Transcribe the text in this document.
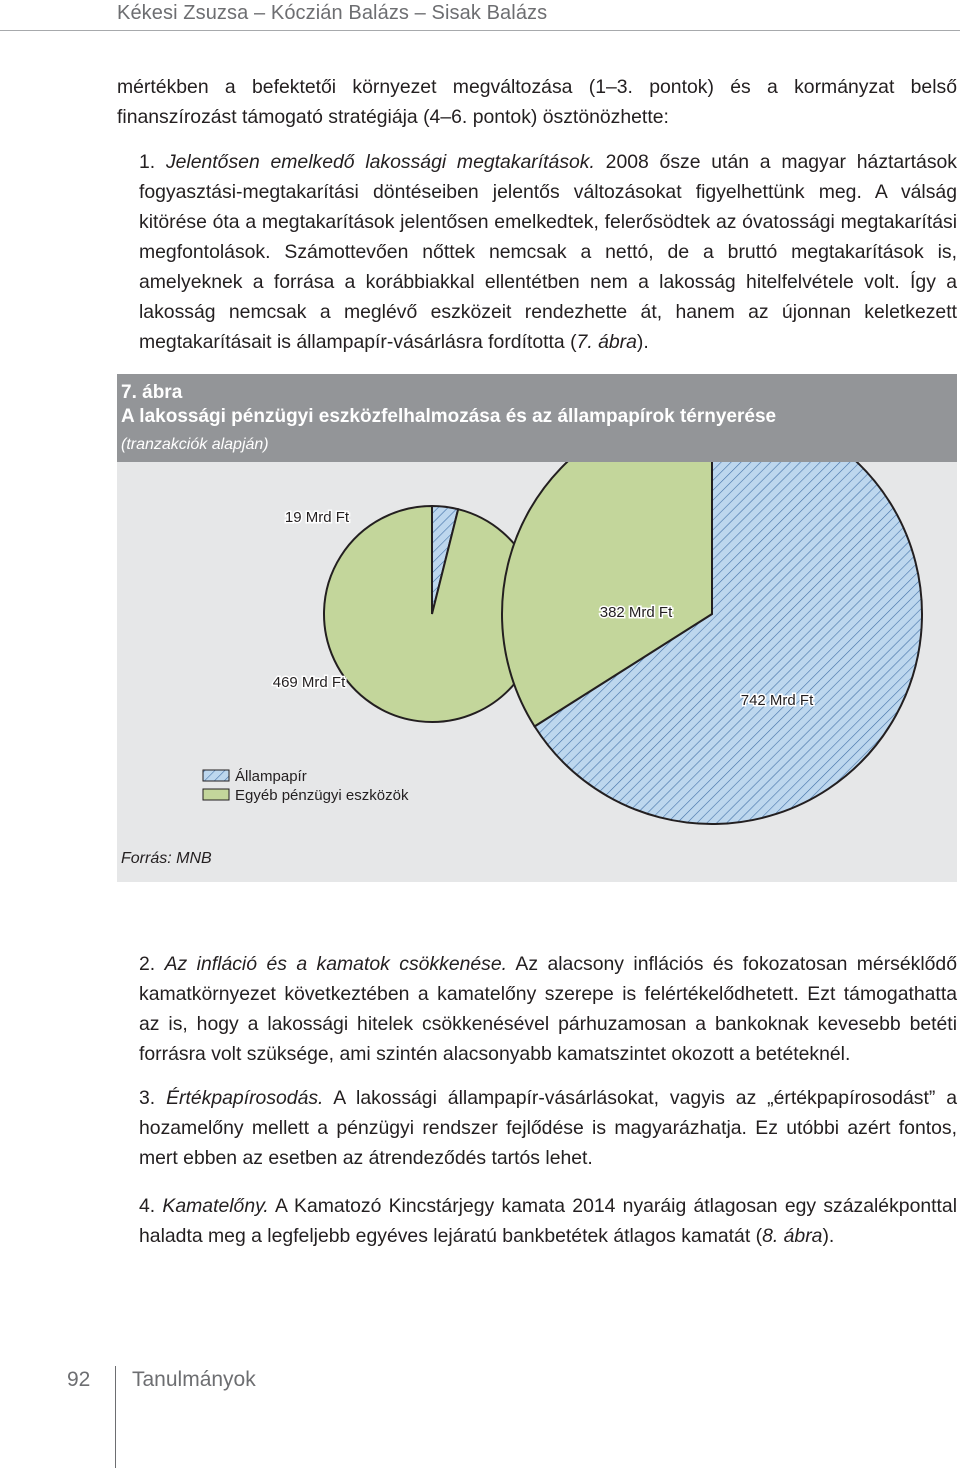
Kékesi Zsuzsa – Kóczián Balázs – Sisak Balázs

mértékben a befektetői környezet megváltozása (1–3. pontok) és a kormányzat belső finanszírozást támogató stratégiája (4–6. pontok) ösztönözhette:

1. Jelentősen emelkedő lakossági megtakarítások. 2008 ősze után a magyar háztartások fogyasztási-megtakarítási döntéseiben jelentős változásokat figyelhettünk meg. A válság kitörése óta a megtakarítások jelentősen emelkedtek, felerősödtek az óvatossági megtakarítási megfontolások. Számottevően nőttek nemcsak a nettó, de a bruttó megtakarítások is, amelyeknek a forrása a korábbiakkal ellentétben nem a lakosság hitelfelvétele volt. Így a lakosság nemcsak a meglévő eszközeit rendezhette át, hanem az újonnan keletkezett megtakarításait is állampapír-vásárlásra fordította (7. ábra).

7. ábra
A lakossági pénzügyi eszközfelhalmozása és az állampapírok térnyerése
(tranzakciók alapján)
19 Mrd Ft
469 Mrd Ft
742 Mrd Ft
382 Mrd Ft
Állampapír
Egyéb pénzügyi eszközök
Forrás: MNB

2. Az infláció és a kamatok csökkenése. Az alacsony inflációs és fokozatosan mérséklődő kamatkörnyezet következtében a kamatelőny szerepe is felértékelődhetett. Ezt támogathatta az is, hogy a lakossági hitelek csökkenésével párhuzamosan a bankoknak kevesebb betéti forrásra volt szüksége, ami szintén alacsonyabb kamatszintet okozott a betéteknél.

3. Értékpapírosodás. A lakossági állampapír-vásárlásokat, vagyis az „értékpapírosodást” a hozamelőny mellett a pénzügyi rendszer fejlődése is magyarázhatja. Ez utóbbi azért fontos, mert ebben az esetben az átrendeződés tartós lehet.

4. Kamatelőny. A Kamatozó Kincstárjegy kamata 2014 nyaráig átlagosan egy százalékponttal haladta meg a legfeljebb egyéves lejáratú bankbetétek átlagos kamatát (8. ábra).

92 Tanulmányok
